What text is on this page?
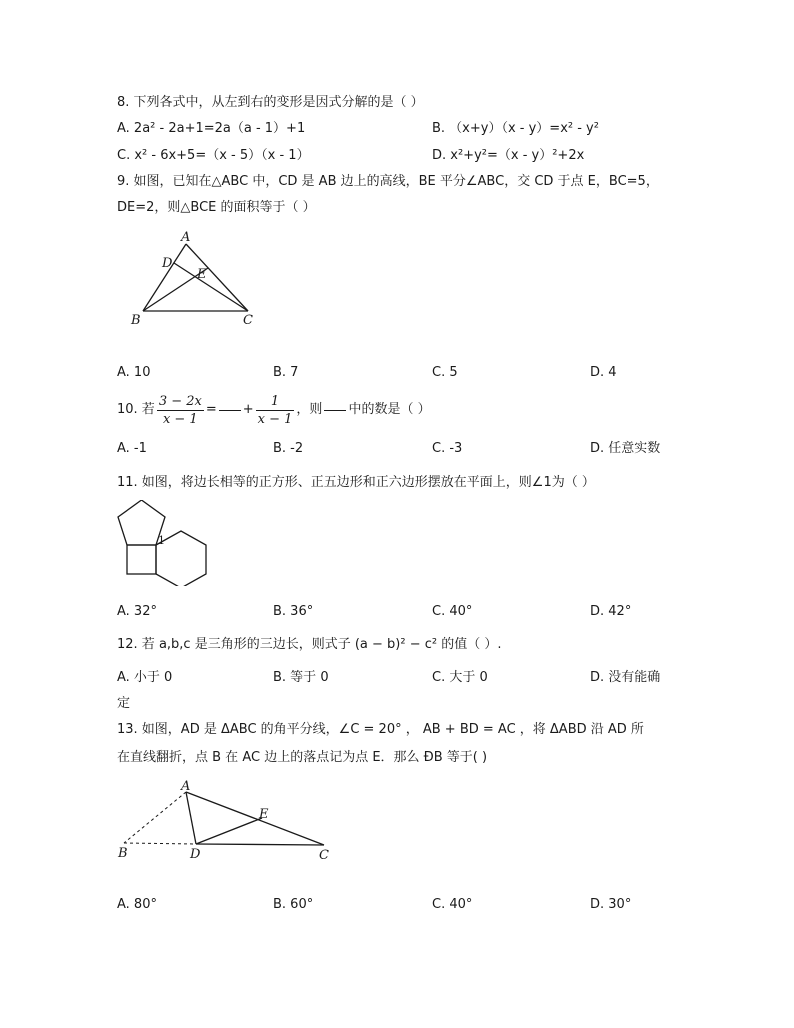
8. 下列各式中，从左到右的变形是因式分解的是（ ）
A. 2a² - 2a+1=2a（a - 1）+1	B. （x+y）（x - y）=x² - y²
C. x² - 6x+5=（x - 5）（x - 1）	D. x²+y²=（x - y）²+2x
9. 如图，已知在△ABC 中，CD 是 AB 边上的高线，BE 平分∠ABC，交 CD 于点 E，BC=5，
DE=2，则△BCE 的面积等于（ ）
A
D
E
B	C
A. 10	B. 7	C. 5	D. 4
10. 若 $\frac{3 - 2x}{x - 1}$ = + $\frac{1}{x - 1}$ ，则 中的数是（ ）
A. -1	B. -2	C. -3	D. 任意实数
11. 如图，将边长相等的正方形、正五边形和正六边形摆放在平面上，则∠1为（ ）
1
A. 32°	B. 36°	C. 40°	D. 42°
12. 若 a,b,c 是三角形的三边长，则式子 (a − b)² − c² 的值（ ）.
A. 小于 0	B. 等于 0	C. 大于 0	D. 没有能确
定
13. 如图，AD 是 ΔABC 的角平分线，∠C = 20° ， AB + BD = AC ，将 ΔABD 沿 AD 所
在直线翻折，点 B 在 AC 边上的落点记为点 E．那么 ÐB 等于( )
A
E
B	D	C
A. 80°	B. 60°	C. 40°	D. 30°
